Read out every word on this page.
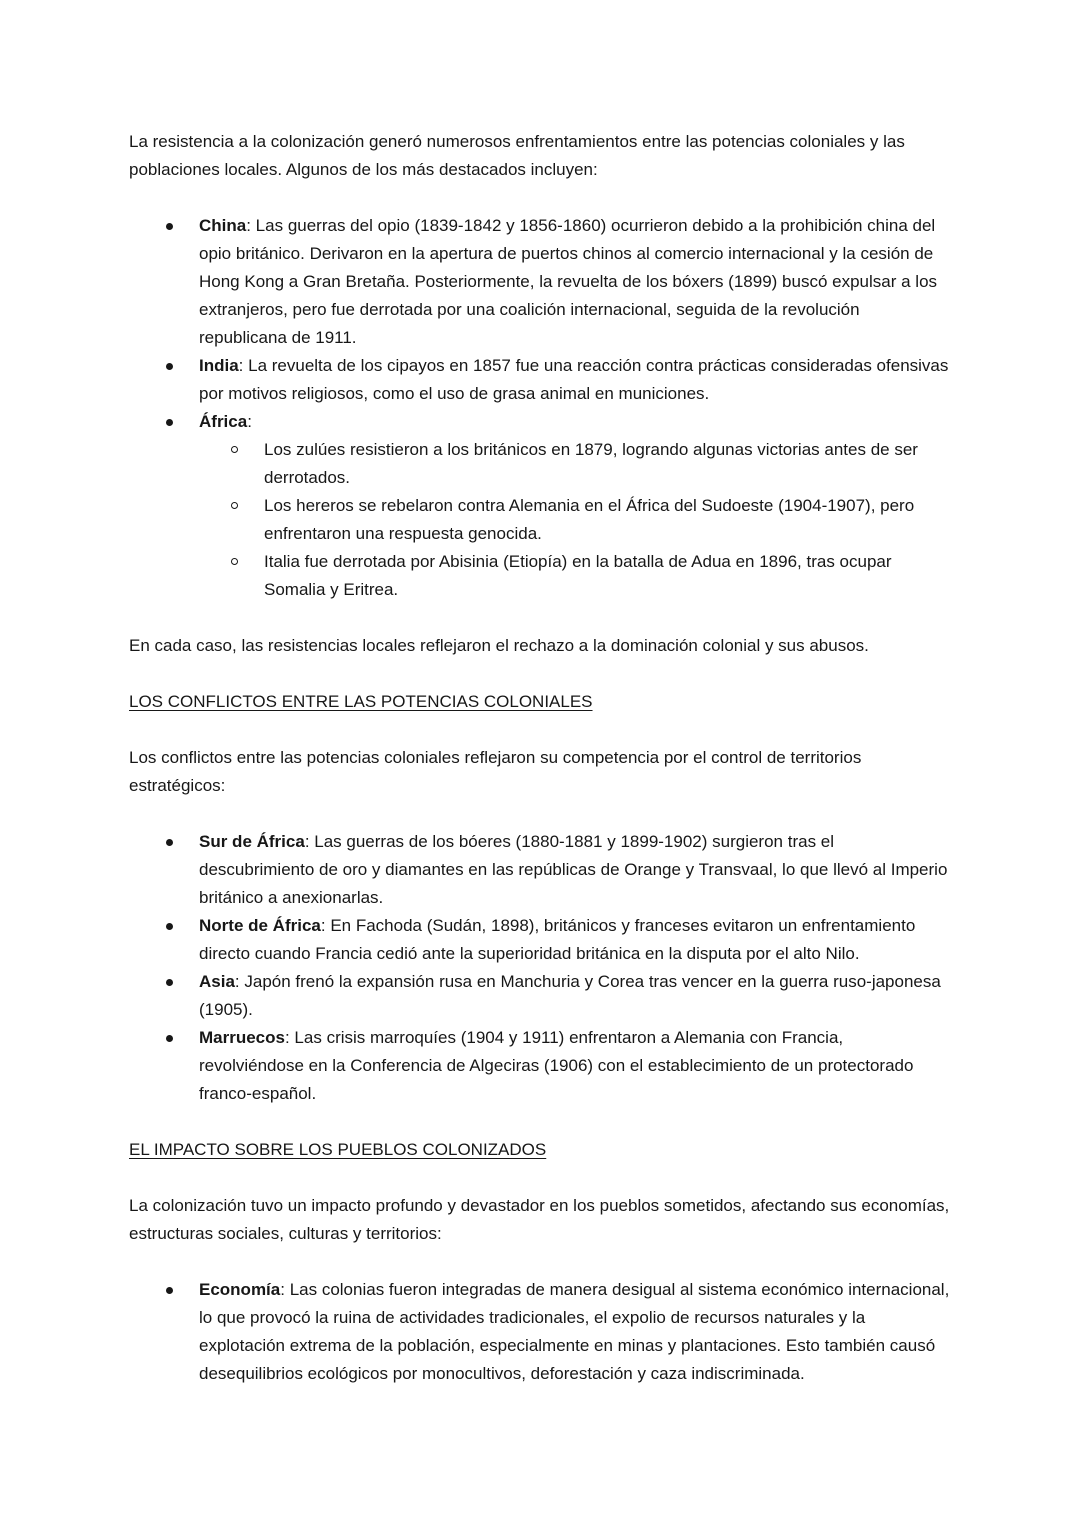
La resistencia a la colonización generó numerosos enfrentamientos entre las potencias coloniales y las poblaciones locales. Algunos de los más destacados incluyen:

China: Las guerras del opio (1839-1842 y 1856-1860) ocurrieron debido a la prohibición china del opio británico. Derivaron en la apertura de puertos chinos al comercio internacional y la cesión de Hong Kong a Gran Bretaña. Posteriormente, la revuelta de los bóxers (1899) buscó expulsar a los extranjeros, pero fue derrotada por una coalición internacional, seguida de la revolución republicana de 1911.
India: La revuelta de los cipayos en 1857 fue una reacción contra prácticas consideradas ofensivas por motivos religiosos, como el uso de grasa animal en municiones.
África:
Los zulúes resistieron a los británicos en 1879, logrando algunas victorias antes de ser derrotados.
Los hereros se rebelaron contra Alemania en el África del Sudoeste (1904-1907), pero enfrentaron una respuesta genocida.
Italia fue derrotada por Abisinia (Etiopía) en la batalla de Adua en 1896, tras ocupar Somalia y Eritrea.

En cada caso, las resistencias locales reflejaron el rechazo a la dominación colonial y sus abusos.

LOS CONFLICTOS ENTRE LAS POTENCIAS COLONIALES

Los conflictos entre las potencias coloniales reflejaron su competencia por el control de territorios estratégicos:

Sur de África: Las guerras de los bóeres (1880-1881 y 1899-1902) surgieron tras el descubrimiento de oro y diamantes en las repúblicas de Orange y Transvaal, lo que llevó al Imperio británico a anexionarlas.
Norte de África: En Fachoda (Sudán, 1898), británicos y franceses evitaron un enfrentamiento directo cuando Francia cedió ante la superioridad británica en la disputa por el alto Nilo.
Asia: Japón frenó la expansión rusa en Manchuria y Corea tras vencer en la guerra ruso-japonesa (1905).
Marruecos: Las crisis marroquíes (1904 y 1911) enfrentaron a Alemania con Francia, revolviéndose en la Conferencia de Algeciras (1906) con el establecimiento de un protectorado franco-español.
EL IMPACTO SOBRE LOS PUEBLOS COLONIZADOS

La colonización tuvo un impacto profundo y devastador en los pueblos sometidos, afectando sus economías, estructuras sociales, culturas y territorios:

Economía: Las colonias fueron integradas de manera desigual al sistema económico internacional, lo que provocó la ruina de actividades tradicionales, el expolio de recursos naturales y la explotación extrema de la población, especialmente en minas y plantaciones. Esto también causó desequilibrios ecológicos por monocultivos, deforestación y caza indiscriminada.
